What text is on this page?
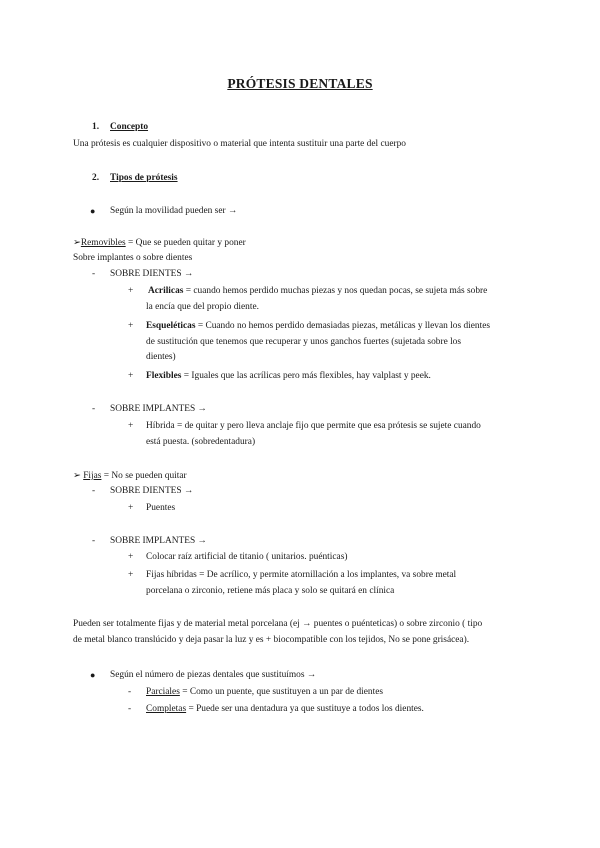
PRÓTESIS DENTALES
1. Concepto
Una prótesis es cualquier dispositivo o material que intenta sustituir una parte del cuerpo
2. Tipos de prótesis
● Según la movilidad pueden ser →
➢Removibles = Que se pueden quitar y poner
Sobre implantes o sobre dientes
- SOBRE DIENTES →
+ Acrilicas = cuando hemos perdido muchas piezas y nos quedan pocas, se sujeta más sobre
la encía que del propio diente.
+ Esqueléticas = Cuando no hemos perdido demasiadas piezas, metálicas y llevan los dientes
de sustitución que tenemos que recuperar y unos ganchos fuertes (sujetada sobre los
dientes)
+ Flexibles = Iguales que las acrílicas pero más flexibles, hay valplast y peek.
- SOBRE IMPLANTES →
+ Híbrida = de quitar y pero lleva anclaje fijo que permite que esa prótesis se sujete cuando
está puesta. (sobredentadura)
➢ Fijas = No se pueden quitar
- SOBRE DIENTES →
+ Puentes
- SOBRE IMPLANTES →
+ Colocar raíz artificial de titanio ( unitarios. puénticas)
+ Fijas híbridas = De acrílico, y permite atornillación a los implantes, va sobre metal
porcelana o zirconio, retiene más placa y solo se quitará en clínica
Pueden ser totalmente fijas y de material metal porcelana (ej → puentes o puénteticas) o sobre zirconio ( tipo
de metal blanco translúcido y deja pasar la luz y es + biocompatible con los tejidos, No se pone grisácea).
● Según el número de piezas dentales que sustituímos →
- Parciales = Como un puente, que sustituyen a un par de dientes
- Completas = Puede ser una dentadura ya que sustituye a todos los dientes.
